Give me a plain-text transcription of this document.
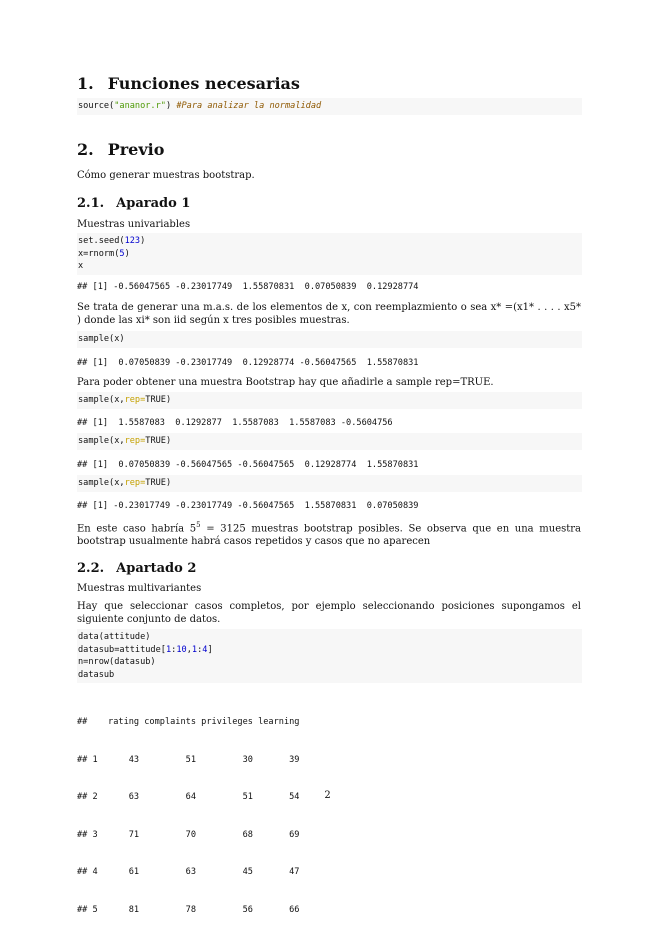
1. Funciones necesarias
source("ananor.r") #Para analizar la normalidad
2. Previo

Cómo generar muestras bootstrap.

2.1. Aparado 1

Muestras univariables

set.seed(123)
x=rnorm(5)
x
## [1] -0.56047565 -0.23017749  1.55870831  0.07050839  0.12928774

Se trata de generar una m.a.s. de los elementos de x, con reemplazmiento o sea x* =(x1* . . . . x5* ) donde las xi* son iid según x tres posibles muestras.

sample(x)
## [1]  0.07050839 -0.23017749  0.12928774 -0.56047565  1.55870831

Para poder obtener una muestra Bootstrap hay que añadirle a sample rep=TRUE.

sample(x,rep=TRUE)
## [1]  1.5587083  0.1292877  1.5587083  1.5587083 -0.5604756
sample(x,rep=TRUE)
## [1]  0.07050839 -0.56047565 -0.56047565  0.12928774  1.55870831
sample(x,rep=TRUE)
## [1] -0.23017749 -0.23017749 -0.56047565  1.55870831  0.07050839

En este caso habría $5^5 = 3125$ muestras bootstrap posibles. Se observa que en una muestra bootstrap usualmente habrá casos repetidos y casos que no aparecen

2.2. Apartado 2

Muestras multivariantes

Hay que seleccionar casos completos, por ejemplo seleccionando posiciones supongamos el siguiente conjunto de datos.

data(attitude)
datasub=attitude[1:10,1:4]
n=nrow(datasub)
datasub

##    rating complaints privileges learning

## 1      43         51         30       39

## 2      63         64         51       54

## 3      71         70         68       69

## 4      61         63         45       47

## 5      81         78         56       66

2
